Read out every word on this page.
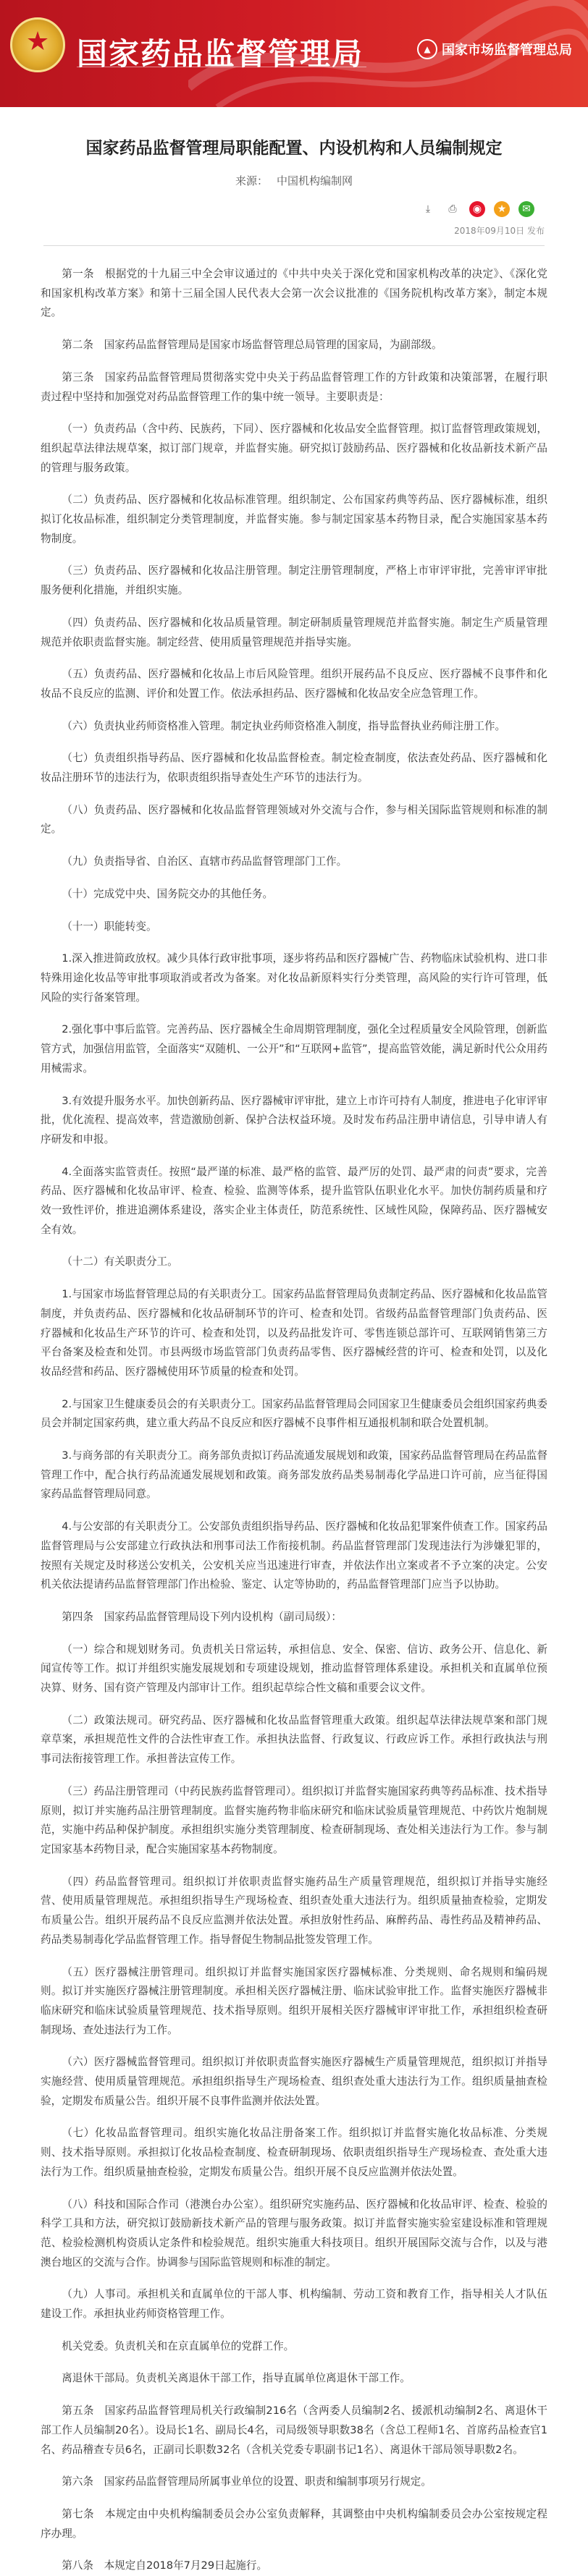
★ 国家药品监督管理局	▲ 国家市场监督管理总局
国家药品监督管理局职能配置、内设机构和人员编制规定
来源： 中国机构编制网
⤓	⎙	◉	★	✉
2018年09月10日 发布

第一条　根据党的十九届三中全会审议通过的《中共中央关于深化党和国家机构改革的决定》、《深化党和国家机构改革方案》和第十三届全国人民代表大会第一次会议批准的《国务院机构改革方案》，制定本规定。

第二条　国家药品监督管理局是国家市场监督管理总局管理的国家局，为副部级。

第三条　国家药品监督管理局贯彻落实党中央关于药品监督管理工作的方针政策和决策部署，在履行职责过程中坚持和加强党对药品监督管理工作的集中统一领导。主要职责是：

（一）负责药品（含中药、民族药，下同）、医疗器械和化妆品安全监督管理。拟订监督管理政策规划，组织起草法律法规草案，拟订部门规章，并监督实施。研究拟订鼓励药品、医疗器械和化妆品新技术新产品的管理与服务政策。

（二）负责药品、医疗器械和化妆品标准管理。组织制定、公布国家药典等药品、医疗器械标准，组织拟订化妆品标准，组织制定分类管理制度，并监督实施。参与制定国家基本药物目录，配合实施国家基本药物制度。

（三）负责药品、医疗器械和化妆品注册管理。制定注册管理制度，严格上市审评审批，完善审评审批服务便利化措施，并组织实施。

（四）负责药品、医疗器械和化妆品质量管理。制定研制质量管理规范并监督实施。制定生产质量管理规范并依职责监督实施。制定经营、使用质量管理规范并指导实施。

（五）负责药品、医疗器械和化妆品上市后风险管理。组织开展药品不良反应、医疗器械不良事件和化妆品不良反应的监测、评价和处置工作。依法承担药品、医疗器械和化妆品安全应急管理工作。

（六）负责执业药师资格准入管理。制定执业药师资格准入制度，指导监督执业药师注册工作。

（七）负责组织指导药品、医疗器械和化妆品监督检查。制定检查制度，依法查处药品、医疗器械和化妆品注册环节的违法行为，依职责组织指导查处生产环节的违法行为。

（八）负责药品、医疗器械和化妆品监督管理领域对外交流与合作，参与相关国际监管规则和标准的制定。

（九）负责指导省、自治区、直辖市药品监督管理部门工作。

（十）完成党中央、国务院交办的其他任务。

（十一）职能转变。

1.深入推进简政放权。减少具体行政审批事项，逐步将药品和医疗器械广告、药物临床试验机构、进口非特殊用途化妆品等审批事项取消或者改为备案。对化妆品新原料实行分类管理，高风险的实行许可管理，低风险的实行备案管理。

2.强化事中事后监管。完善药品、医疗器械全生命周期管理制度，强化全过程质量安全风险管理，创新监管方式，加强信用监管，全面落实“双随机、一公开”和“互联网+监管”，提高监管效能，满足新时代公众用药用械需求。

3.有效提升服务水平。加快创新药品、医疗器械审评审批，建立上市许可持有人制度，推进电子化审评审批，优化流程、提高效率，营造激励创新、保护合法权益环境。及时发布药品注册申请信息，引导申请人有序研发和申报。

4.全面落实监管责任。按照“最严谨的标准、最严格的监管、最严厉的处罚、最严肃的问责”要求，完善药品、医疗器械和化妆品审评、检查、检验、监测等体系，提升监管队伍职业化水平。加快仿制药质量和疗效一致性评价，推进追溯体系建设，落实企业主体责任，防范系统性、区域性风险，保障药品、医疗器械安全有效。

（十二）有关职责分工。

1.与国家市场监督管理总局的有关职责分工。国家药品监督管理局负责制定药品、医疗器械和化妆品监管制度，并负责药品、医疗器械和化妆品研制环节的许可、检查和处罚。省级药品监督管理部门负责药品、医疗器械和化妆品生产环节的许可、检查和处罚，以及药品批发许可、零售连锁总部许可、互联网销售第三方平台备案及检查和处罚。市县两级市场监管部门负责药品零售、医疗器械经营的许可、检查和处罚，以及化妆品经营和药品、医疗器械使用环节质量的检查和处罚。

2.与国家卫生健康委员会的有关职责分工。国家药品监督管理局会同国家卫生健康委员会组织国家药典委员会并制定国家药典，建立重大药品不良反应和医疗器械不良事件相互通报机制和联合处置机制。

3.与商务部的有关职责分工。商务部负责拟订药品流通发展规划和政策，国家药品监督管理局在药品监督管理工作中，配合执行药品流通发展规划和政策。商务部发放药品类易制毒化学品进口许可前，应当征得国家药品监督管理局同意。

4.与公安部的有关职责分工。公安部负责组织指导药品、医疗器械和化妆品犯罪案件侦查工作。国家药品监督管理局与公安部建立行政执法和刑事司法工作衔接机制。药品监督管理部门发现违法行为涉嫌犯罪的，按照有关规定及时移送公安机关，公安机关应当迅速进行审查，并依法作出立案或者不予立案的决定。公安机关依法提请药品监督管理部门作出检验、鉴定、认定等协助的，药品监督管理部门应当予以协助。

第四条　国家药品监督管理局设下列内设机构（副司局级）：

（一）综合和规划财务司。负责机关日常运转，承担信息、安全、保密、信访、政务公开、信息化、新闻宣传等工作。拟订并组织实施发展规划和专项建设规划，推动监督管理体系建设。承担机关和直属单位预决算、财务、国有资产管理及内部审计工作。组织起草综合性文稿和重要会议文件。

（二）政策法规司。研究药品、医疗器械和化妆品监督管理重大政策。组织起草法律法规草案和部门规章草案，承担规范性文件的合法性审查工作。承担执法监督、行政复议、行政应诉工作。承担行政执法与刑事司法衔接管理工作。承担普法宣传工作。

（三）药品注册管理司（中药民族药监督管理司）。组织拟订并监督实施国家药典等药品标准、技术指导原则，拟订并实施药品注册管理制度。监督实施药物非临床研究和临床试验质量管理规范、中药饮片炮制规范，实施中药品种保护制度。承担组织实施分类管理制度、检查研制现场、查处相关违法行为工作。参与制定国家基本药物目录，配合实施国家基本药物制度。

（四）药品监督管理司。组织拟订并依职责监督实施药品生产质量管理规范，组织拟订并指导实施经营、使用质量管理规范。承担组织指导生产现场检查、组织查处重大违法行为。组织质量抽查检验，定期发布质量公告。组织开展药品不良反应监测并依法处置。承担放射性药品、麻醉药品、毒性药品及精神药品、药品类易制毒化学品监督管理工作。指导督促生物制品批签发管理工作。

（五）医疗器械注册管理司。组织拟订并监督实施国家医疗器械标准、分类规则、命名规则和编码规则。拟订并实施医疗器械注册管理制度。承担相关医疗器械注册、临床试验审批工作。监督实施医疗器械非临床研究和临床试验质量管理规范、技术指导原则。组织开展相关医疗器械审评审批工作，承担组织检查研制现场、查处违法行为工作。

（六）医疗器械监督管理司。组织拟订并依职责监督实施医疗器械生产质量管理规范，组织拟订并指导实施经营、使用质量管理规范。承担组织指导生产现场检查、组织查处重大违法行为工作。组织质量抽查检验，定期发布质量公告。组织开展不良事件监测并依法处置。

（七）化妆品监督管理司。组织实施化妆品注册备案工作。组织拟订并监督实施化妆品标准、分类规则、技术指导原则。承担拟订化妆品检查制度、检查研制现场、依职责组织指导生产现场检查、查处重大违法行为工作。组织质量抽查检验，定期发布质量公告。组织开展不良反应监测并依法处置。

（八）科技和国际合作司（港澳台办公室）。组织研究实施药品、医疗器械和化妆品审评、检查、检验的科学工具和方法，研究拟订鼓励新技术新产品的管理与服务政策。拟订并监督实施实验室建设标准和管理规范、检验检测机构资质认定条件和检验规范。组织实施重大科技项目。组织开展国际交流与合作，以及与港澳台地区的交流与合作。协调参与国际监管规则和标准的制定。

（九）人事司。承担机关和直属单位的干部人事、机构编制、劳动工资和教育工作，指导相关人才队伍建设工作。承担执业药师资格管理工作。

机关党委。负责机关和在京直属单位的党群工作。

离退休干部局。负责机关离退休干部工作，指导直属单位离退休干部工作。

第五条　国家药品监督管理局机关行政编制216名（含两委人员编制2名、援派机动编制2名、离退休干部工作人员编制20名）。设局长1名、副局长4名，司局级领导职数38名（含总工程师1名、首席药品检查官1名、药品稽查专员6名，正副司长职数32名（含机关党委专职副书记1名）、离退休干部局领导职数2名。

第六条　国家药品监督管理局所属事业单位的设置、职责和编制事项另行规定。

第七条　本规定由中央机构编制委员会办公室负责解释，其调整由中央机构编制委员会办公室按规定程序办理。

第八条　本规定自2018年7月29日起施行。
